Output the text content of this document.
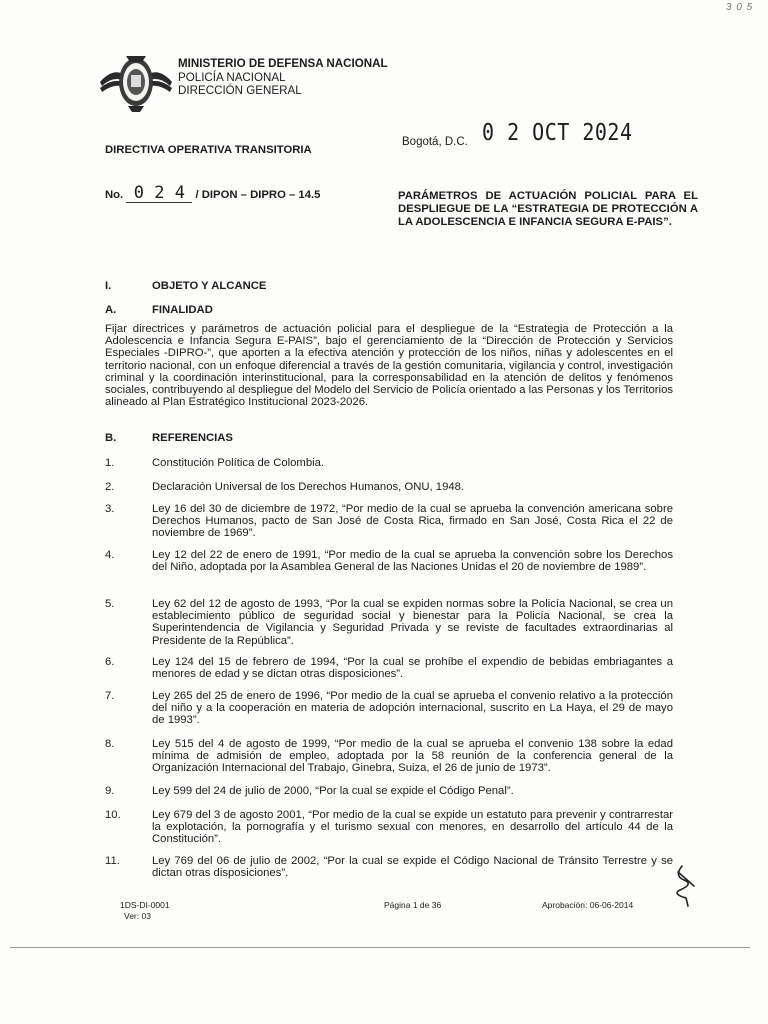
3 0 5
MINISTERIO DE DEFENSA NACIONAL
POLICÍA NACIONAL
DIRECCIÓN GENERAL
Bogotá, D.C. 0 2 OCT 2024
DIRECTIVA OPERATIVA TRANSITORIA
No. 0 2 4 / DIPON – DIPRO – 14.5	PARÁMETROS DE ACTUACIÓN POLICIAL PARA EL DESPLIEGUE DE LA “ESTRATEGIA DE PROTECCIÓN A LA ADOLESCENCIA E INFANCIA SEGURA E-PAIS”.
I.	OBJETO Y ALCANCE
A.	FINALIDAD
Fijar directrices y parámetros de actuación policial para el despliegue de la “Estrategia de Protección a la Adolescencia e Infancia Segura E-PAIS”, bajo el gerenciamiento de la “Dirección de Protección y Servicios Especiales -DIPRO-”, que aporten a la efectiva atención y protección de los niños, niñas y adolescentes en el territorio nacional, con un enfoque diferencial a través de la gestión comunitaria, vigilancia y control, investigación criminal y la coordinación interinstitucional, para la corresponsabilidad en la atención de delitos y fenómenos sociales, contribuyendo al despliegue del Modelo del Servicio de Policía orientado a las Personas y los Territorios alineado al Plan Estratégico Institucional 2023-2026.
B.	REFERENCIAS
1.	Constitución Política de Colombia.
2.	Declaración Universal de los Derechos Humanos, ONU, 1948.
3.	Ley 16 del 30 de diciembre de 1972, “Por medio de la cual se aprueba la convención americana sobre Derechos Humanos, pacto de San José de Costa Rica, firmado en San José, Costa Rica el 22 de noviembre de 1969”.
4.	Ley 12 del 22 de enero de 1991, “Por medio de la cual se aprueba la convención sobre los Derechos del Niño, adoptada por la Asamblea General de las Naciones Unidas el 20 de noviembre de 1989”.
5.	Ley 62 del 12 de agosto de 1993, “Por la cual se expiden normas sobre la Policía Nacional, se crea un establecimiento público de seguridad social y bienestar para la Policía Nacional, se crea la Superintendencia de Vigilancia y Seguridad Privada y se reviste de facultades extraordinarias al Presidente de la República”.
6.	Ley 124 del 15 de febrero de 1994, “Por la cual se prohíbe el expendio de bebidas embriagantes a menores de edad y se dictan otras disposiciones”.
7.	Ley 265 del 25 de enero de 1996, “Por medio de la cual se aprueba el convenio relativo a la protección del niño y a la cooperación en materia de adopción internacional, suscrito en La Haya, el 29 de mayo de 1993”.
8.	Ley 515 del 4 de agosto de 1999, “Por medio de la cual se aprueba el convenio 138 sobre la edad mínima de admisión de empleo, adoptada por la 58 reunión de la conferencia general de la Organización Internacional del Trabajo, Ginebra, Suiza, el 26 de junio de 1973”.
9.	Ley 599 del 24 de julio de 2000, “Por la cual se expide el Código Penal”.
10.	Ley 679 del 3 de agosto 2001, “Por medio de la cual se expide un estatuto para prevenir y contrarrestar la explotación, la pornografía y el turismo sexual con menores, en desarrollo del artículo 44 de la Constitución”.
11.	Ley 769 del 06 de julio de 2002, “Por la cual se expide el Código Nacional de Tránsito Terrestre y se dictan otras disposiciones”.
1DS-DI-0001
Ver: 03
Página 1 de 36	Aprobación: 06-06-2014
